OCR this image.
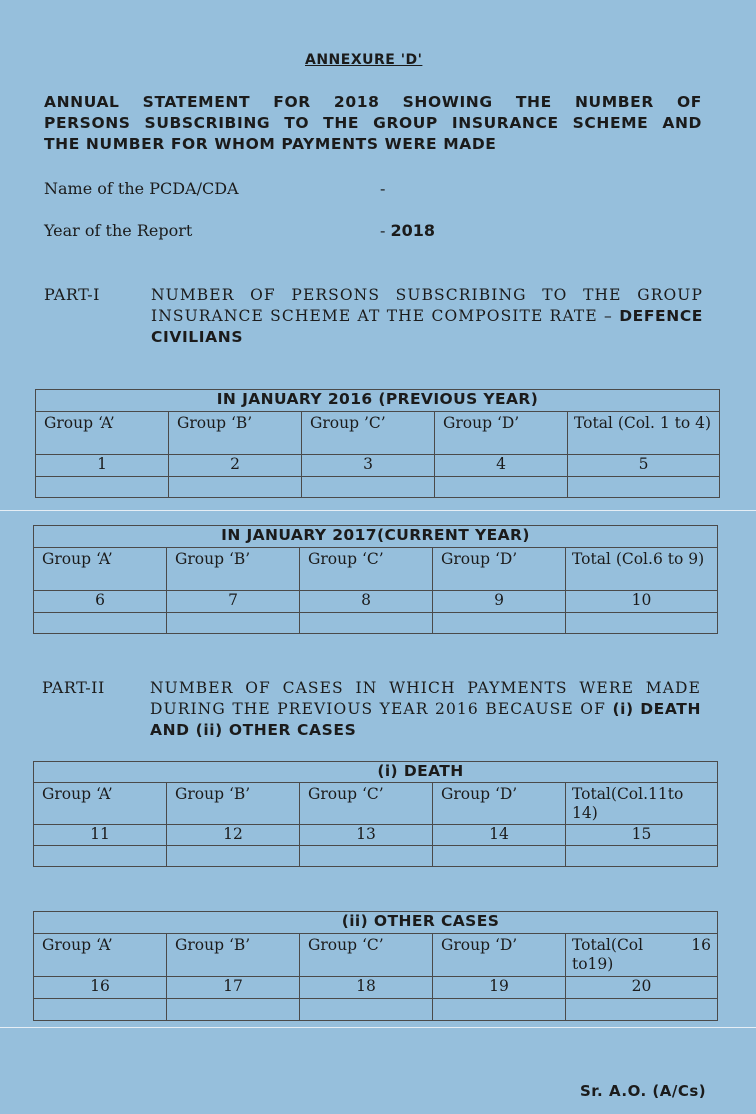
ANNEXURE 'D'
ANNUAL STATEMENT FOR 2018 SHOWING THE NUMBER OF
PERSONS SUBSCRIBING TO THE GROUP INSURANCE SCHEME AND
THE NUMBER FOR WHOM PAYMENTS WERE MADE
Name of the PCDA/CDA	-
Year of the Report	- 2018
PART-I	NUMBER OF PERSONS SUBSCRIBING TO THE GROUP INSURANCE SCHEME AT THE COMPOSITE RATE – DEFENCE CIVILIANS
IN JANUARY 2016 (PREVIOUS YEAR)				
Group ‘A’	Group ‘B’	Group ’C’	Group ‘D’	Total (Col. 1 to 4)
1	2	3	4	5

IN JANUARY 2017(CURRENT YEAR)				
Group ‘A’	Group ‘B’	Group ‘C’	Group ‘D’	Total (Col.6 to 9)
6	7	8	9	10

PART-II	NUMBER OF CASES IN WHICH PAYMENTS WERE MADE DURING THE PREVIOUS YEAR 2016 BECAUSE OF (i) DEATH AND (ii) OTHER CASES
(i) DEATH				
Group ‘A’	Group ‘B’	Group ‘C’	Group ‘D’	Total(Col.11to 14)
11	12	13	14	15

(ii) OTHER CASES				
Group ‘A’	Group ‘B’	Group ‘C’	Group ‘D’	Total(Col 16 to19)
16	17	18	19	20

Sr. A.O. (A/Cs)
